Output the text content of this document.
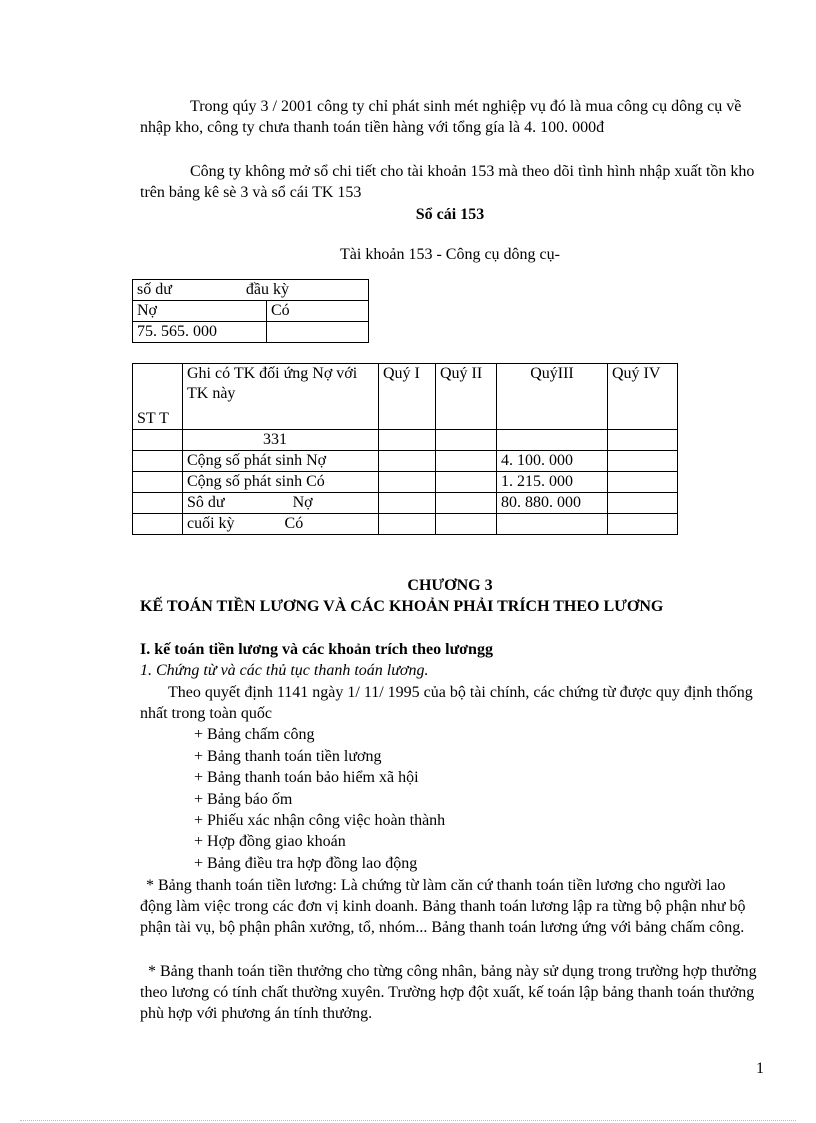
Trong qúy 3 / 2001 công ty chỉ phát sinh mét nghiệp vụ đó là mua công cụ dông cụ về nhập kho, công ty chưa thanh toán tiền hàng với tổng gía là 4. 100. 000đ

Công ty không mở sổ chi tiết cho tài khoản 153 mà theo dõi tình hình nhập xuất tồn kho trên bảng kê sè 3 và sổ cái TK 153

Sổ cái 153
Tài khoản 153 - Công cụ dông cụ-
số dư đầu kỳ	
Nợ	Có
75. 565. 000	
ST T	Ghi có TK đối ứng Nợ với TK này	Quý I	Quý II	QuýIII	Quý IV
	331				
	Cộng số phát sinh Nợ			4. 100. 000	
	Cộng số phát sinh Có			1. 215. 000	
	Sô dư Nợ			80. 880. 000	
	cuối kỳ Có				
CHƯƠNG 3

KẾ TOÁN TIỀN LƯƠNG VÀ CÁC KHOẢN PHẢI TRÍCH THEO LƯƠNG

I. kế toán tiền lương và các khoản trích theo lươngg

1. Chứng từ và các thủ tục thanh toán lương.

Theo quyết định 1141 ngày 1/ 11/ 1995 của bộ tài chính, các chứng từ được quy định thống nhất trong toàn quốc

+ Bảng chấm công
+ Bảng thanh toán tiền lương
+ Bảng thanh toán bảo hiểm xã hội
+ Bảng báo ốm
+ Phiếu xác nhận công việc hoàn thành
+ Hợp đồng giao khoán
+ Bảng điều tra hợp đồng lao động

* Bảng thanh toán tiền lương: Là chứng từ làm căn cứ thanh toán tiền lương cho người lao động làm việc trong các đơn vị kinh doanh. Bảng thanh toán lương lập ra từng bộ phận như bộ phận tài vụ, bộ phận phân xưởng, tổ, nhóm... Bảng thanh toán lương ứng với bảng chấm công.

* Bảng thanh toán tiền thưởng cho từng công nhân, bảng này sử dụng trong trường hợp thưởng theo lương có tính chất thường xuyên. Trường hợp đột xuất, kế toán lập bảng thanh toán thưởng phù hợp với phương án tính thưởng.

1
